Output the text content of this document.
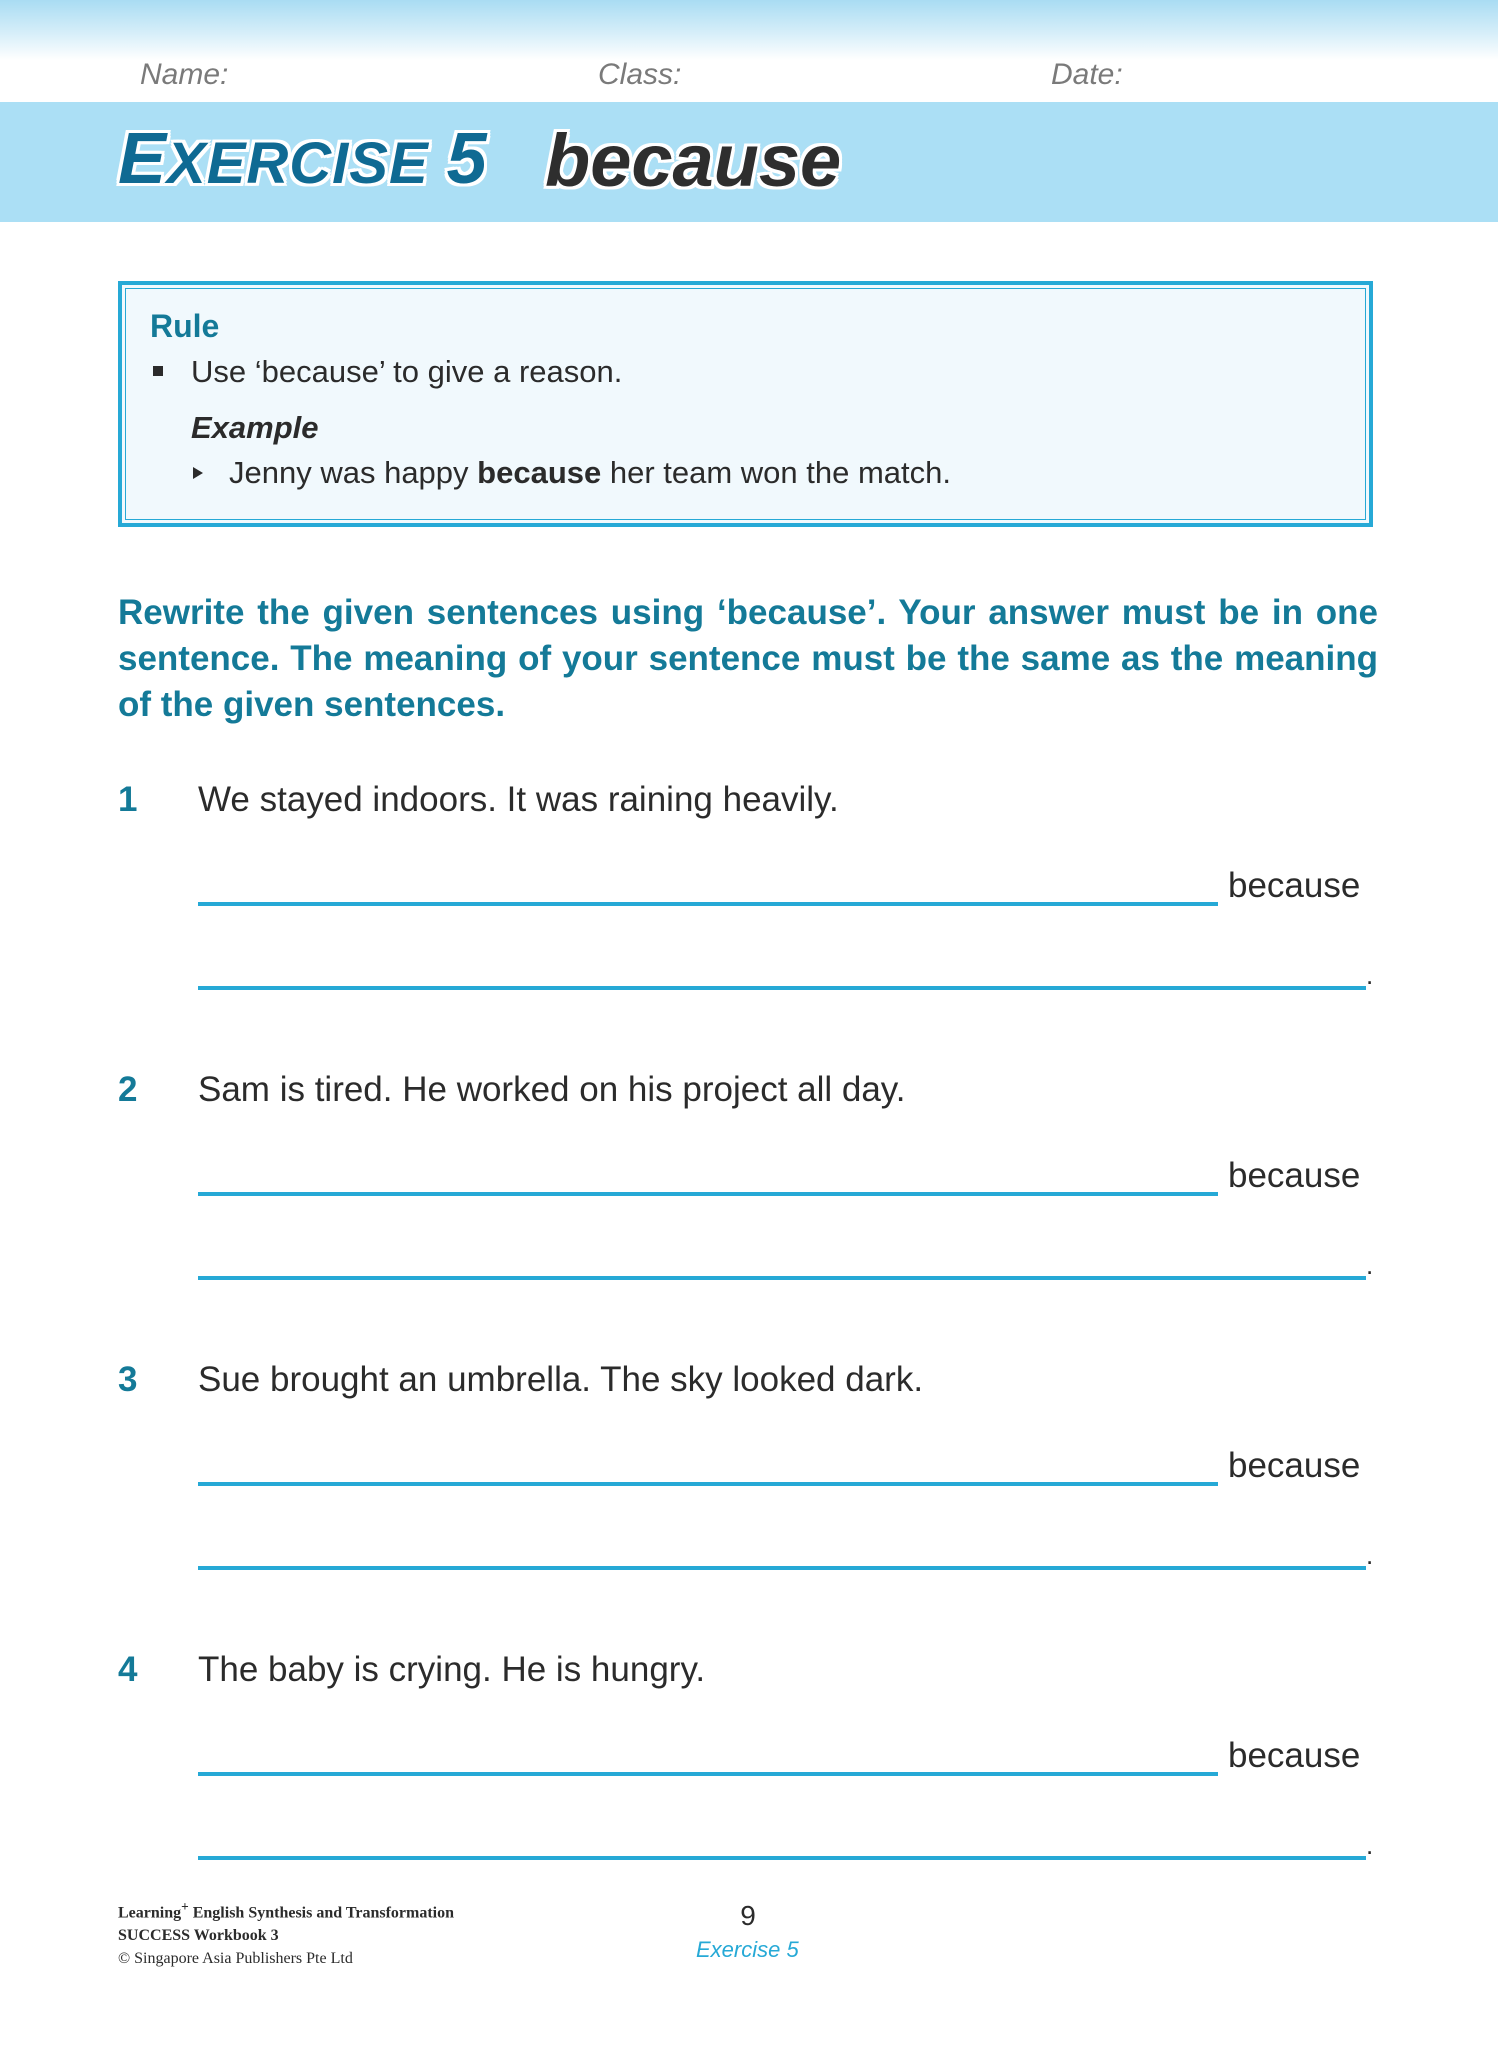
Name:	Class:	Date:
EXERCISE 5 because
Rule
Use ‘because’ to give a reason.
Example
Jenny was happy because her team won the match.
Rewrite the given sentences using ‘because’. Your answer must be in one sentence. The meaning of your sentence must be the same as the meaning of the given sentences.
1 We stayed indoors. It was raining heavily.
because
.
2 Sam is tired. He worked on his project all day.
because
.
3 Sue brought an umbrella. The sky looked dark.
because
.
4 The baby is crying. He is hungry.
because
.
Learning+ English Synthesis and Transformation
SUCCESS Workbook 3
© Singapore Asia Publishers Pte Ltd
9
Exercise 5
